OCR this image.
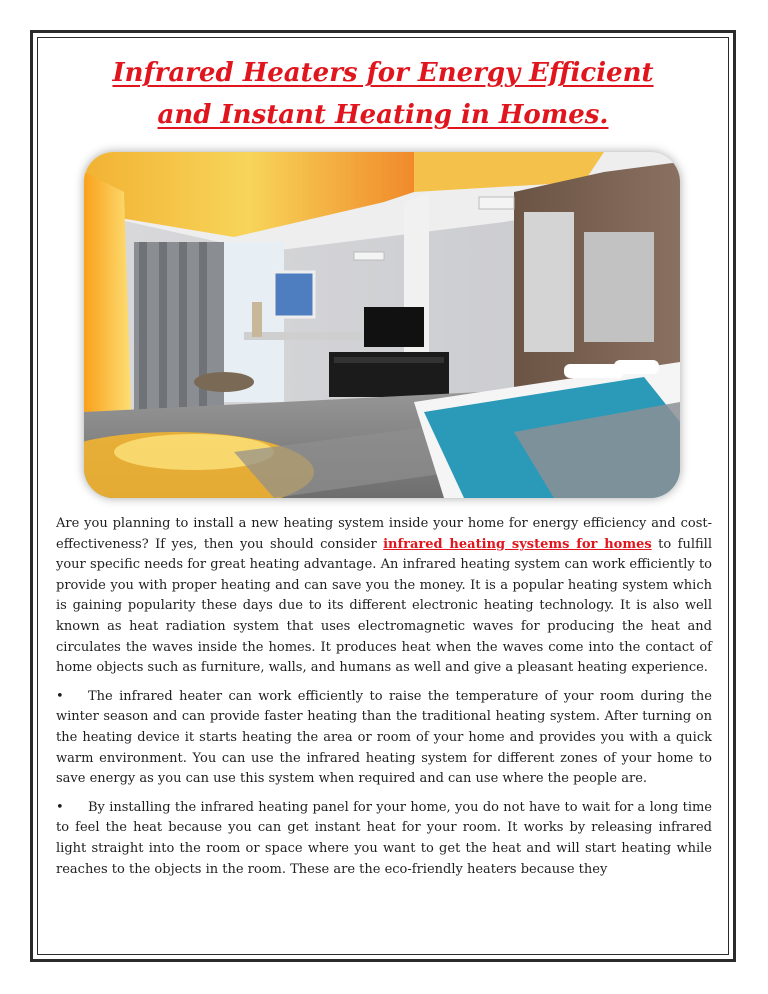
Infrared Heaters for Energy Efficient
and Instant Heating in Homes.

Are you planning to install a new heating system inside your home for energy efficiency and cost-effectiveness? If yes, then you should consider infrared heating systems for homes to fulfill your specific needs for great heating advantage. An infrared heating system can work efficiently to provide you with proper heating and can save you the money. It is a popular heating system which is gaining popularity these days due to its different electronic heating technology. It is also well known as heat radiation system that uses electromagnetic waves for producing the heat and circulates the waves inside the homes. It produces heat when the waves come into the contact of home objects such as furniture, walls, and humans as well and give a pleasant heating experience.

• The infrared heater can work efficiently to raise the temperature of your room during the winter season and can provide faster heating than the traditional heating system. After turning on the heating device it starts heating the area or room of your home and provides you with a quick warm environment. You can use the infrared heating system for different zones of your home to save energy as you can use this system when required and can use where the people are.

• By installing the infrared heating panel for your home, you do not have to wait for a long time to feel the heat because you can get instant heat for your room. It works by releasing infrared light straight into the room or space where you want to get the heat and will start heating while reaches to the objects in the room. These are the eco-friendly heaters because they
